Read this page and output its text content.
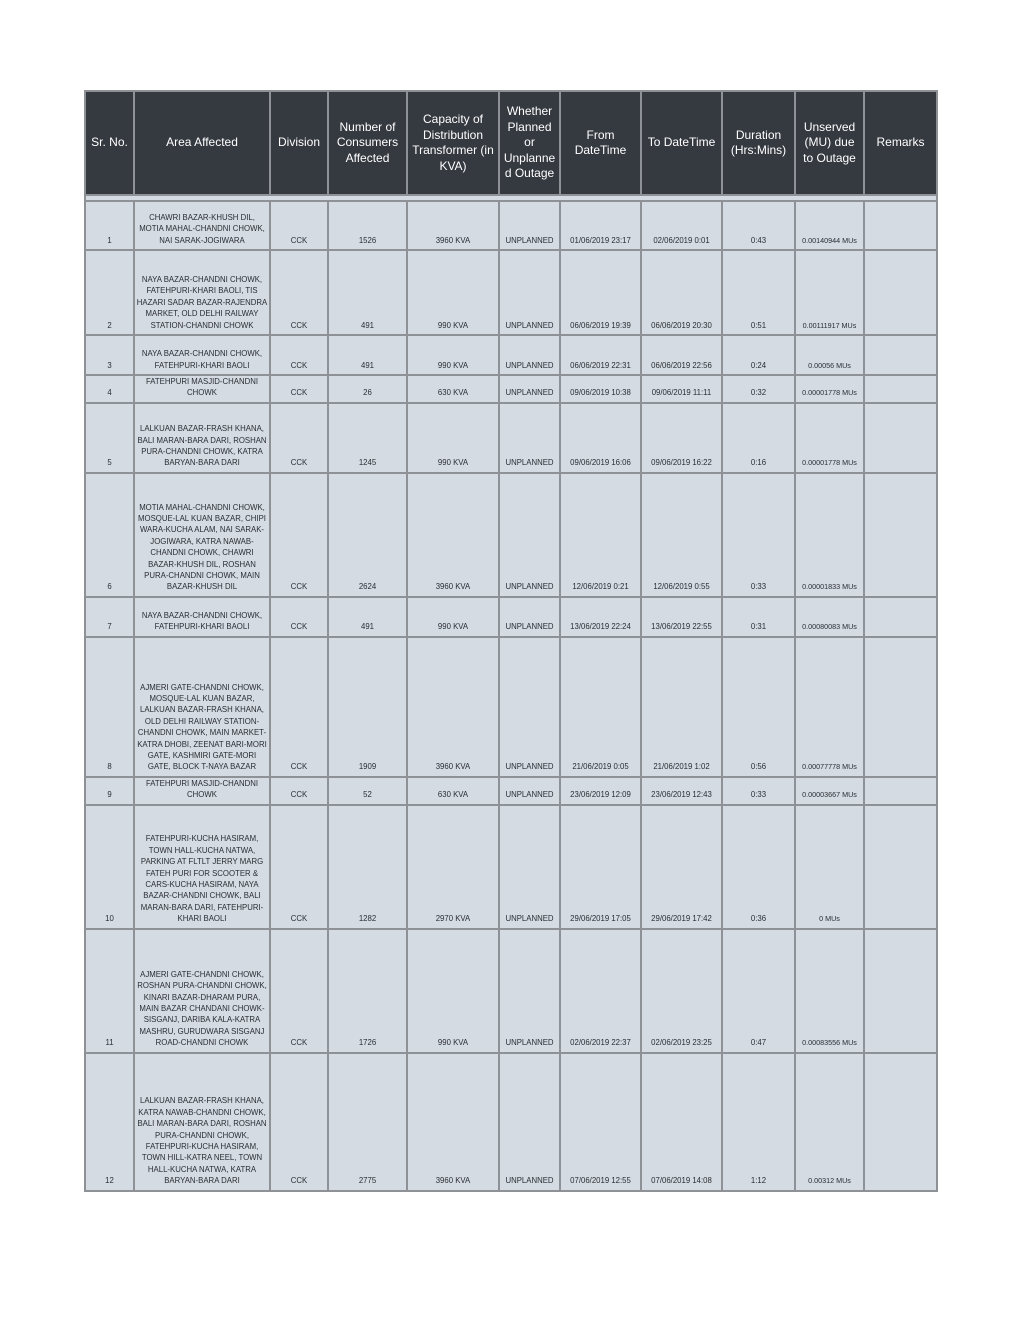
Sr. No.	Area Affected	Division	Number of Consumers Affected	Capacity of Distribution Transformer (in KVA)	Whether Planned or Unplanne d Outage	From DateTime	To DateTime	Duration (Hrs:Mins)	Unserved (MU) due to Outage	Remarks

1	CHAWRI BAZAR-KHUSH DIL, MOTIA MAHAL-CHANDNI CHOWK, NAI SARAK-JOGIWARA	CCK	1526	3960 KVA	UNPLANNED	01/06/2019 23:17	02/06/2019 0:01	0:43	0.00140944 MUs	
2	NAYA BAZAR-CHANDNI CHOWK, FATEHPURI-KHARI BAOLI, TIS HAZARI SADAR BAZAR-RAJENDRA MARKET, OLD DELHI RAILWAY STATION-CHANDNI CHOWK	CCK	491	990 KVA	UNPLANNED	06/06/2019 19:39	06/06/2019 20:30	0:51	0.00111917 MUs	
3	NAYA BAZAR-CHANDNI CHOWK, FATEHPURI-KHARI BAOLI	CCK	491	990 KVA	UNPLANNED	06/06/2019 22:31	06/06/2019 22:56	0:24	0.00056 MUs	
4	FATEHPURI MASJID-CHANDNI CHOWK	CCK	26	630 KVA	UNPLANNED	09/06/2019 10:38	09/06/2019 11:11	0:32	0.00001778 MUs	
5	LALKUAN BAZAR-FRASH KHANA, BALI MARAN-BARA DARI, ROSHAN PURA-CHANDNI CHOWK, KATRA BARYAN-BARA DARI	CCK	1245	990 KVA	UNPLANNED	09/06/2019 16:06	09/06/2019 16:22	0:16	0.00001778 MUs	
6	MOTIA MAHAL-CHANDNI CHOWK, MOSQUE-LAL KUAN BAZAR, CHIPI WARA-KUCHA ALAM, NAI SARAK-JOGIWARA, KATRA NAWAB-CHANDNI CHOWK, CHAWRI BAZAR-KHUSH DIL, ROSHAN PURA-CHANDNI CHOWK, MAIN BAZAR-KHUSH DIL	CCK	2624	3960 KVA	UNPLANNED	12/06/2019 0:21	12/06/2019 0:55	0:33	0.00001833 MUs	
7	NAYA BAZAR-CHANDNI CHOWK, FATEHPURI-KHARI BAOLI	CCK	491	990 KVA	UNPLANNED	13/06/2019 22:24	13/06/2019 22:55	0:31	0.00080083 MUs	
8	AJMERI GATE-CHANDNI CHOWK, MOSQUE-LAL KUAN BAZAR, LALKUAN BAZAR-FRASH KHANA, OLD DELHI RAILWAY STATION-CHANDNI CHOWK, MAIN MARKET-KATRA DHOBI, ZEENAT BARI-MORI GATE, KASHMIRI GATE-MORI GATE, BLOCK T-NAYA BAZAR	CCK	1909	3960 KVA	UNPLANNED	21/06/2019 0:05	21/06/2019 1:02	0:56	0.00077778 MUs	
9	FATEHPURI MASJID-CHANDNI CHOWK	CCK	52	630 KVA	UNPLANNED	23/06/2019 12:09	23/06/2019 12:43	0:33	0.00003667 MUs	
10	FATEHPURI-KUCHA HASIRAM, TOWN HALL-KUCHA NATWA, PARKING AT FLTLT JERRY MARG FATEH PURI FOR SCOOTER & CARS-KUCHA HASIRAM, NAYA BAZAR-CHANDNI CHOWK, BALI MARAN-BARA DARI, FATEHPURI-KHARI BAOLI	CCK	1282	2970 KVA	UNPLANNED	29/06/2019 17:05	29/06/2019 17:42	0:36	0 MUs	
11	AJMERI GATE-CHANDNI CHOWK, ROSHAN PURA-CHANDNI CHOWK, KINARI BAZAR-DHARAM PURA, MAIN BAZAR CHANDANI CHOWK-SISGANJ, DARIBA KALA-KATRA MASHRU, GURUDWARA SISGANJ ROAD-CHANDNI CHOWK	CCK	1726	990 KVA	UNPLANNED	02/06/2019 22:37	02/06/2019 23:25	0:47	0.00083556 MUs	
12	LALKUAN BAZAR-FRASH KHANA, KATRA NAWAB-CHANDNI CHOWK, BALI MARAN-BARA DARI, ROSHAN PURA-CHANDNI CHOWK, FATEHPURI-KUCHA HASIRAM, TOWN HILL-KATRA NEEL, TOWN HALL-KUCHA NATWA, KATRA BARYAN-BARA DARI	CCK	2775	3960 KVA	UNPLANNED	07/06/2019 12:55	07/06/2019 14:08	1:12	0.00312 MUs	
